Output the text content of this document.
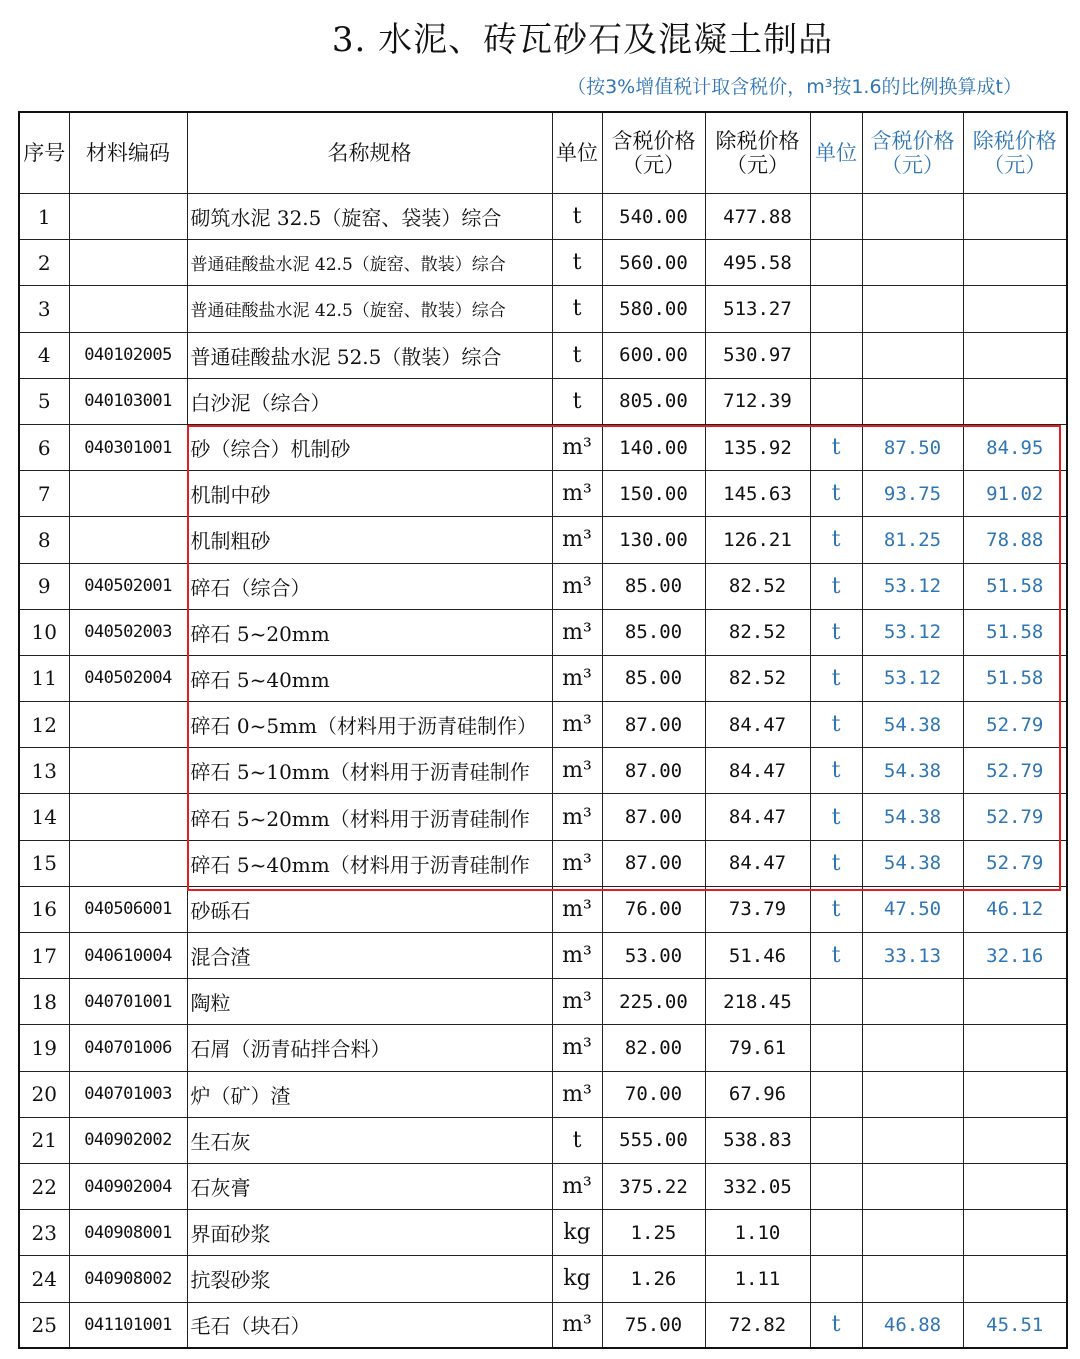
3. 水泥、砖瓦砂石及混凝土制品
（按3%增值税计取含税价，m³按1.6的比例换算成t）
序号	材料编码	名称规格	单位	含税价格（元）	除税价格（元）	单位	含税价格（元）	除税价格（元）

1		砌筑水泥 32.5（旋窑、袋装）综合	t	540.00	477.88			
2		普通硅酸盐水泥 42.5（旋窑、散装）综合	t	560.00	495.58			
3		普通硅酸盐水泥 42.5（旋窑、散装）综合	t	580.00	513.27			
4	040102005	普通硅酸盐水泥 52.5（散装）综合	t	600.00	530.97			
5	040103001	白沙泥（综合）	t	805.00	712.39			
6	040301001	砂（综合）机制砂	m³	140.00	135.92	t	87.50	84.95
7		机制中砂	m³	150.00	145.63	t	93.75	91.02
8		机制粗砂	m³	130.00	126.21	t	81.25	78.88
9	040502001	碎石（综合）	m³	85.00	82.52	t	53.12	51.58
10	040502003	碎石 5~20mm	m³	85.00	82.52	t	53.12	51.58
11	040502004	碎石 5~40mm	m³	85.00	82.52	t	53.12	51.58
12		碎石 0~5mm（材料用于沥青硅制作）	m³	87.00	84.47	t	54.38	52.79
13		碎石 5~10mm（材料用于沥青硅制作	m³	87.00	84.47	t	54.38	52.79
14		碎石 5~20mm（材料用于沥青硅制作	m³	87.00	84.47	t	54.38	52.79
15		碎石 5~40mm（材料用于沥青硅制作	m³	87.00	84.47	t	54.38	52.79
16	040506001	砂砾石	m³	76.00	73.79	t	47.50	46.12
17	040610004	混合渣	m³	53.00	51.46	t	33.13	32.16
18	040701001	陶粒	m³	225.00	218.45			
19	040701006	石屑（沥青砧拌合料）	m³	82.00	79.61			
20	040701003	炉（矿）渣	m³	70.00	67.96			
21	040902002	生石灰	t	555.00	538.83			
22	040902004	石灰膏	m³	375.22	332.05			
23	040908001	界面砂浆	kg	1.25	1.10			
24	040908002	抗裂砂浆	kg	1.26	1.11			
25	041101001	毛石（块石）	m³	75.00	72.82	t	46.88	45.51
